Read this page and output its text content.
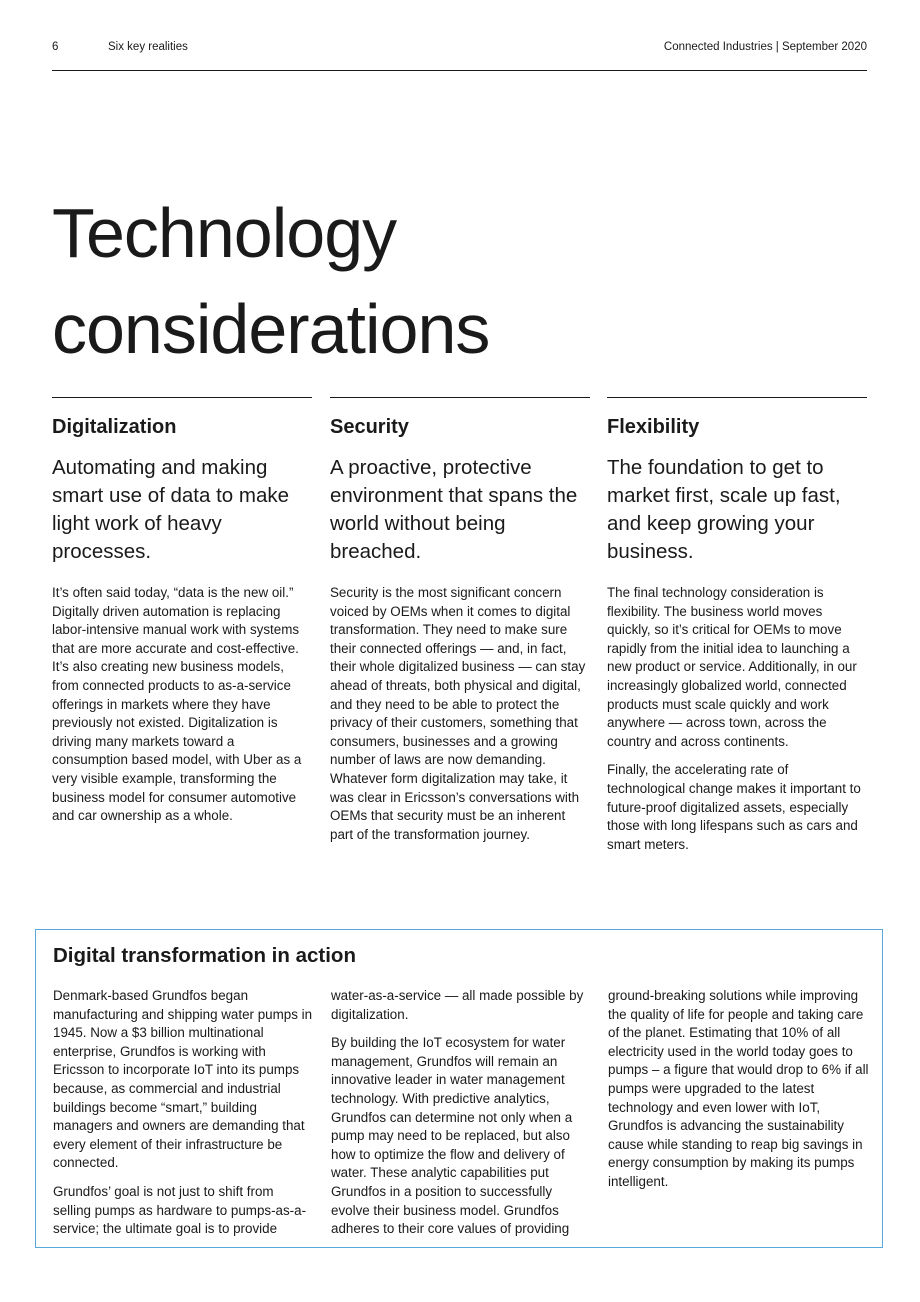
6	Six key realities	Connected Industries | September 2020
Technology
considerations
Digitalization

Automating and making smart use of data to make light work of heavy processes.

It’s often said today, “data is the new oil.” Digitally driven automation is replacing labor-intensive manual work with systems that are more accurate and cost-effective. It’s also creating new business models, from connected products to as-a-service offerings in markets where they have previously not existed. Digitalization is driving many markets toward a consumption based model, with Uber as a very visible example, transforming the business model for consumer automotive and car ownership as a whole.

Security

A proactive, protective environment that spans the world without being breached.

Security is the most significant concern voiced by OEMs when it comes to digital transformation. They need to make sure their connected offerings — and, in fact, their whole digitalized business — can stay ahead of threats, both physical and digital, and they need to be able to protect the privacy of their customers, something that consumers, businesses and a growing number of laws are now demanding. Whatever form digitalization may take, it was clear in Ericsson’s conversations with OEMs that security must be an inherent part of the transformation journey.

Flexibility

The foundation to get to market first, scale up fast, and keep growing your business.

The final technology consideration is flexibility. The business world moves quickly, so it’s critical for OEMs to move rapidly from the initial idea to launching a new product or service. Additionally, in our increasingly globalized world, connected products must scale quickly and work anywhere — across town, across the country and across continents.

Finally, the accelerating rate of technological change makes it important to future-proof digitalized assets, especially those with long lifespans such as cars and smart meters.

Digital transformation in action

Denmark-based Grundfos began manufacturing and shipping water pumps in 1945. Now a $3 billion multinational enterprise, Grundfos is working with Ericsson to incorporate IoT into its pumps because, as commercial and industrial buildings become “smart,” building managers and owners are demanding that every element of their infrastructure be connected.

Grundfos’ goal is not just to shift from selling pumps as hardware to pumps-as-a-service; the ultimate goal is to provide

water-as-a-service — all made possible by digitalization.

By building the IoT ecosystem for water management, Grundfos will remain an innovative leader in water management technology. With predictive analytics, Grundfos can determine not only when a pump may need to be replaced, but also how to optimize the flow and delivery of water. These analytic capabilities put Grundfos in a position to successfully evolve their business model. Grundfos adheres to their core values of providing

ground-breaking solutions while improving the quality of life for people and taking care of the planet. Estimating that 10% of all electricity used in the world today goes to pumps – a figure that would drop to 6% if all pumps were upgraded to the latest technology and even lower with IoT, Grundfos is advancing the sustainability cause while standing to reap big savings in energy consumption by making its pumps intelligent.
